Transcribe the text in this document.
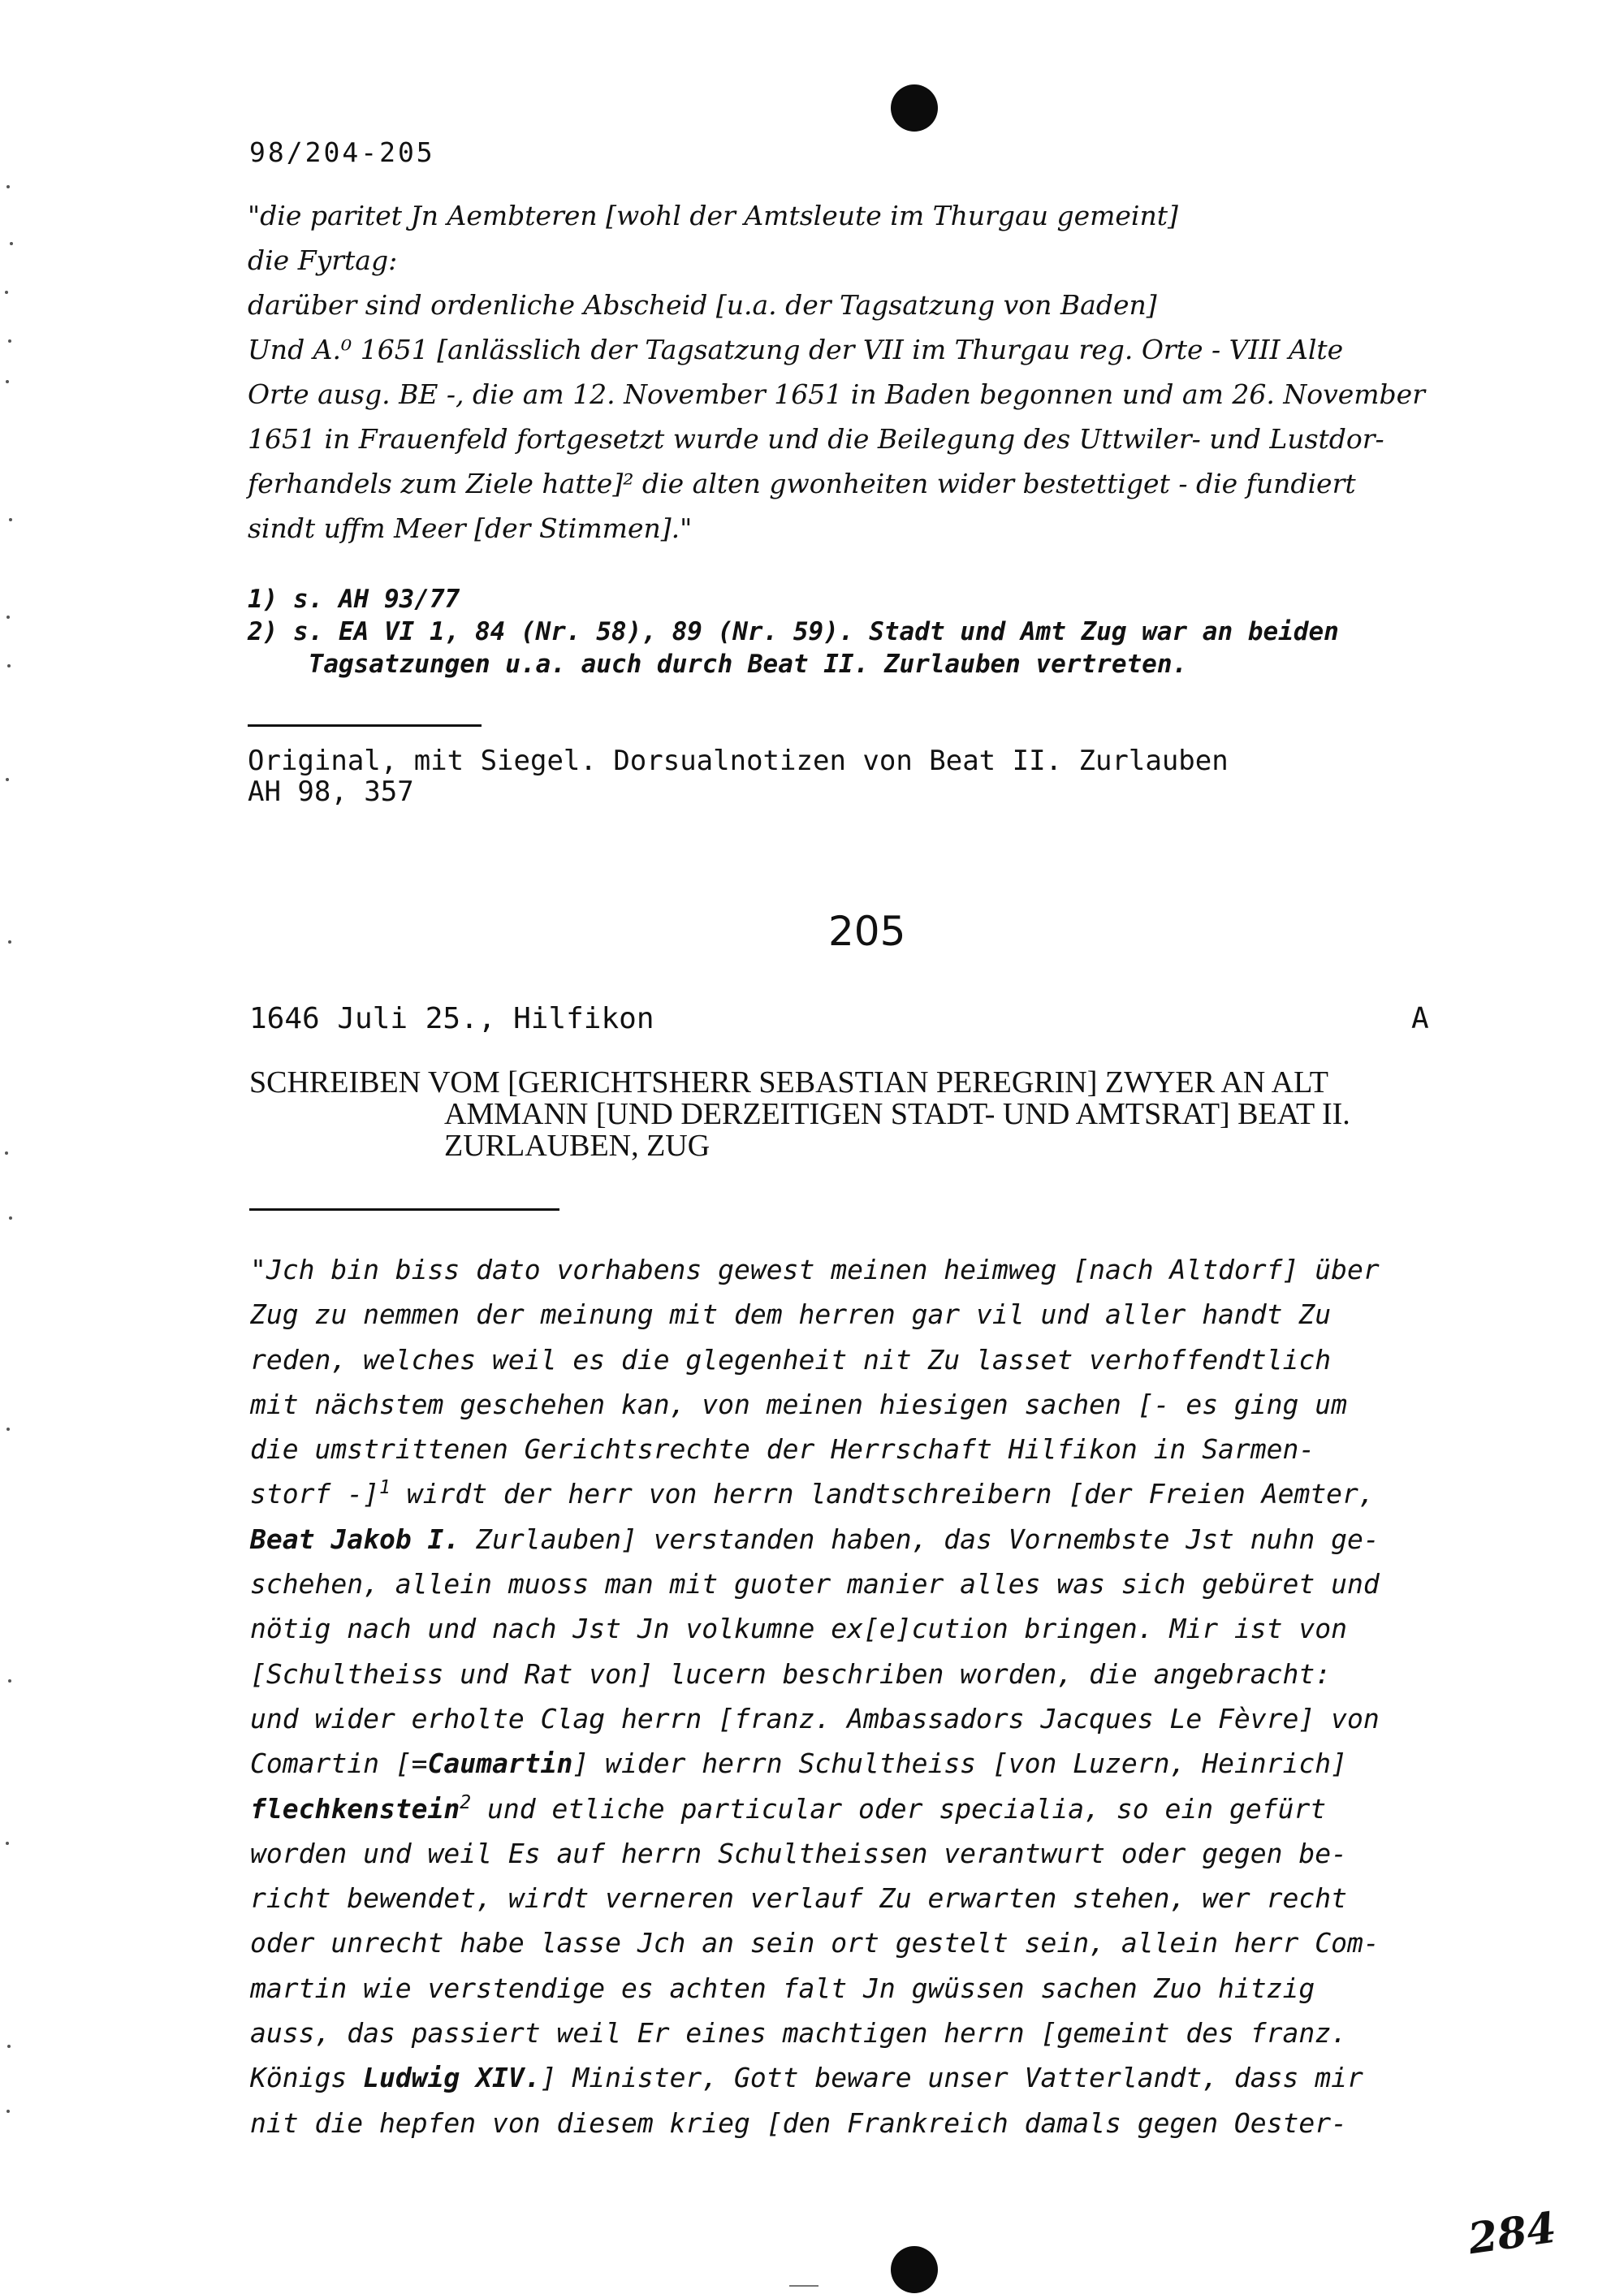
98/204-205

"die paritet Jn Aembteren [wohl der Amtsleute im Thurgau gemeint]

die Fyrtag:

darüber sind ordenliche Abscheid [u.a. der Tagsatzung von Baden]

Und A.⁰ 1651 [anlässlich der Tagsatzung der VII im Thurgau reg. Orte - VIII Alte

Orte ausg. BE -, die am 12. November 1651 in Baden begonnen und am 26. November

1651 in Frauenfeld fortgesetzt wurde und die Beilegung des Uttwiler- und Lustdor-

ferhandels zum Ziele hatte]² die alten gwonheiten wider bestettiget - die fundiert

sindt uffm Meer [der Stimmen]."

1) s. AH 93/77

2) s. EA VI 1, 84 (Nr. 58), 89 (Nr. 59). Stadt und Amt Zug war an beiden

Tagsatzungen u.a. auch durch Beat II. Zurlauben vertreten.

Original, mit Siegel. Dorsualnotizen von Beat II. Zurlauben

AH 98, 357

205
1646 Juli 25., Hilfikon	A

SCHREIBEN VOM [GERICHTSHERR SEBASTIAN PEREGRIN] ZWYER AN ALT

AMMANN [UND DERZEITIGEN STADT- UND AMTSRAT] BEAT II.

ZURLAUBEN, ZUG

"Jch bin biss dato vorhabens gewest meinen heimweg [nach Altdorf] über

Zug zu nemmen der meinung mit dem herren gar vil und aller handt Zu

reden, welches weil es die glegenheit nit Zu lasset verhoffendtlich

mit nächstem geschehen kan, von meinen hiesigen sachen [- es ging um

die umstrittenen Gerichtsrechte der Herrschaft Hilfikon in Sarmen-

storf -]$^1$ wirdt der herr von herrn landtschreibern [der Freien Aemter,

Beat Jakob I. Zurlauben] verstanden haben, das Vornembste Jst nuhn ge-

schehen, allein muoss man mit guoter manier alles was sich gebüret und

nötig nach und nach Jst Jn volkumne ex[e]cution bringen. Mir ist von

[Schultheiss und Rat von] lucern beschriben worden, die angebracht:

und wider erholte Clag herrn [franz. Ambassadors Jacques Le Fèvre] von

Comartin [=Caumartin] wider herrn Schultheiss [von Luzern, Heinrich]

flechkenstein$^2$ und etliche particular oder specialia, so ein gefürt

worden und weil Es auf herrn Schultheissen verantwurt oder gegen be-

richt bewendet, wirdt verneren verlauf Zu erwarten stehen, wer recht

oder unrecht habe lasse Jch an sein ort gestelt sein, allein herr Com-

martin wie verstendige es achten falt Jn gwüssen sachen Zuo hitzig

auss, das passiert weil Er eines machtigen herrn [gemeint des franz.

Königs Ludwig XIV.] Minister, Gott beware unser Vatterlandt, dass mir

nit die hepfen von diesem krieg [den Frankreich damals gegen Oester-

284
